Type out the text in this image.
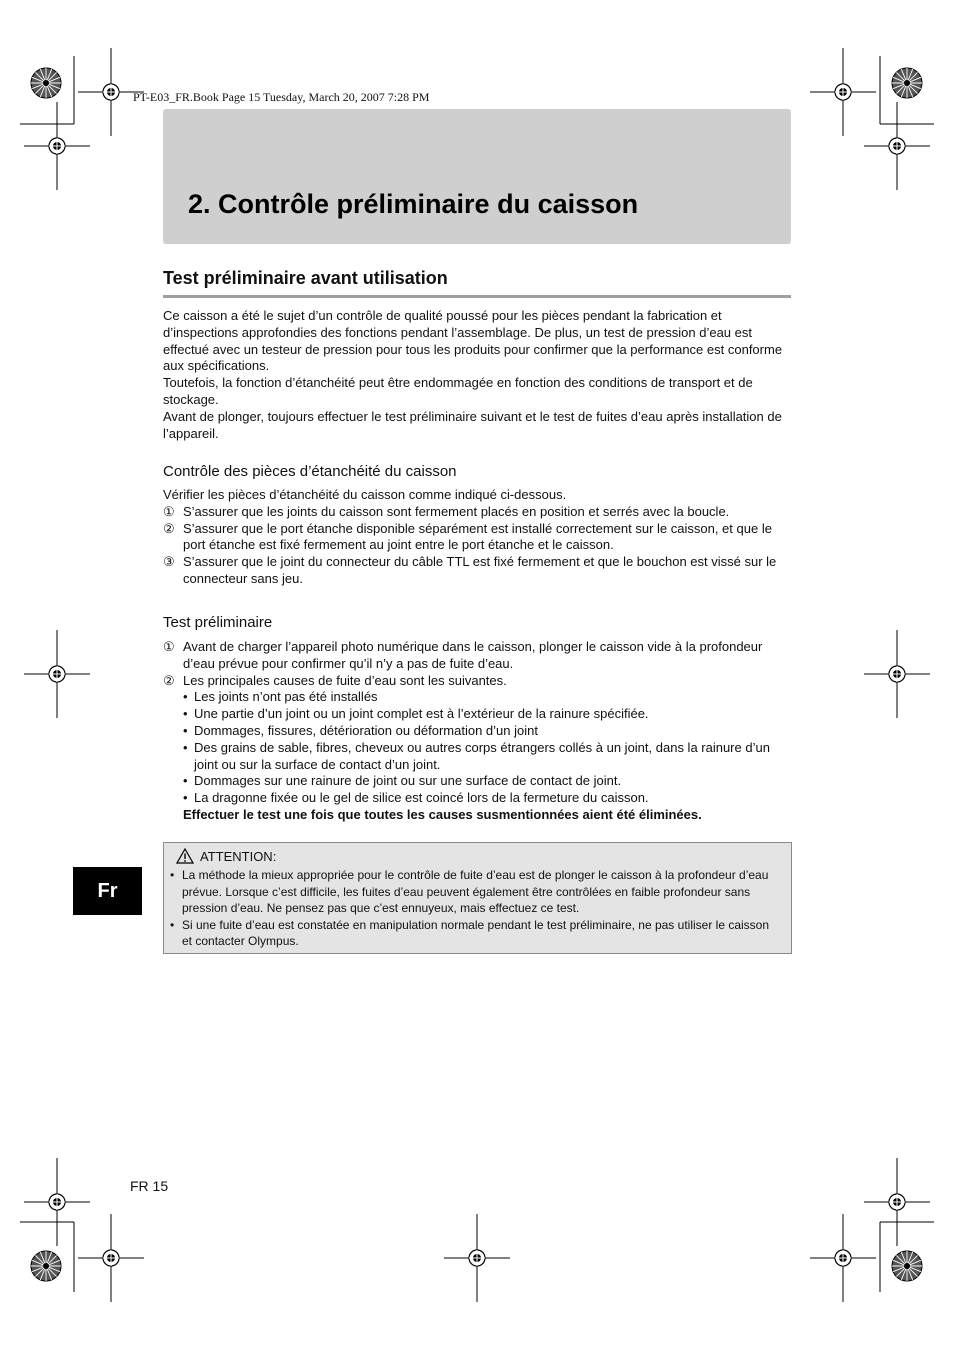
PT-E03_FR.Book Page 15 Tuesday, March 20, 2007 7:28 PM
2. Contrôle préliminaire du caisson
Test préliminaire avant utilisation
Ce caisson a été le sujet d’un contrôle de qualité poussé pour les pièces pendant la fabrication et d’inspections approfondies des fonctions pendant l’assemblage. De plus, un test de pression d’eau est effectué avec un testeur de pression pour tous les produits pour confirmer que la performance est conforme aux spécifications.
Toutefois, la fonction d’étanchéité peut être endommagée en fonction des conditions de transport et de stockage.
Avant de plonger, toujours effectuer le test préliminaire suivant et le test de fuites d’eau après installation de l’appareil.
Contrôle des pièces d’étanchéité du caisson
Vérifier les pièces d’étanchéité du caisson comme indiqué ci-dessous.
① S’assurer que les joints du caisson sont fermement placés en position et serrés avec la boucle.
② S’assurer que le port étanche disponible séparément est installé correctement sur le caisson, et que le port étanche est fixé fermement au joint entre le port étanche et le caisson.
③ S’assurer que le joint du connecteur du câble TTL est fixé fermement et que le bouchon est vissé sur le connecteur sans jeu.
Test préliminaire
① Avant de charger l’appareil photo numérique dans le caisson, plonger le caisson vide à la profondeur d’eau prévue pour confirmer qu’il n’y a pas de fuite d’eau.
② Les principales causes de fuite d’eau sont les suivantes.
• Les joints n’ont pas été installés
• Une partie d’un joint ou un joint complet est à l’extérieur de la rainure spécifiée.
• Dommages, fissures, détérioration ou déformation d’un joint
• Des grains de sable, fibres, cheveux ou autres corps étrangers collés à un joint, dans la rainure d’un joint ou sur la surface de contact d’un joint.
• Dommages sur une rainure de joint ou sur une surface de contact de joint.
• La dragonne fixée ou le gel de silice est coincé lors de la fermeture du caisson.
Effectuer le test une fois que toutes les causes susmentionnées aient été éliminées.
ATTENTION:
• La méthode la mieux appropriée pour le contrôle de fuite d’eau est de plonger le caisson à la profondeur d’eau prévue. Lorsque c’est difficile, les fuites d’eau peuvent également être contrôlées en faible profondeur sans pression d’eau. Ne pensez pas que c’est ennuyeux, mais effectuez ce test.
• Si une fuite d’eau est constatée en manipulation normale pendant le test préliminaire, ne pas utiliser le caisson et contacter Olympus.
Fr
FR 15
